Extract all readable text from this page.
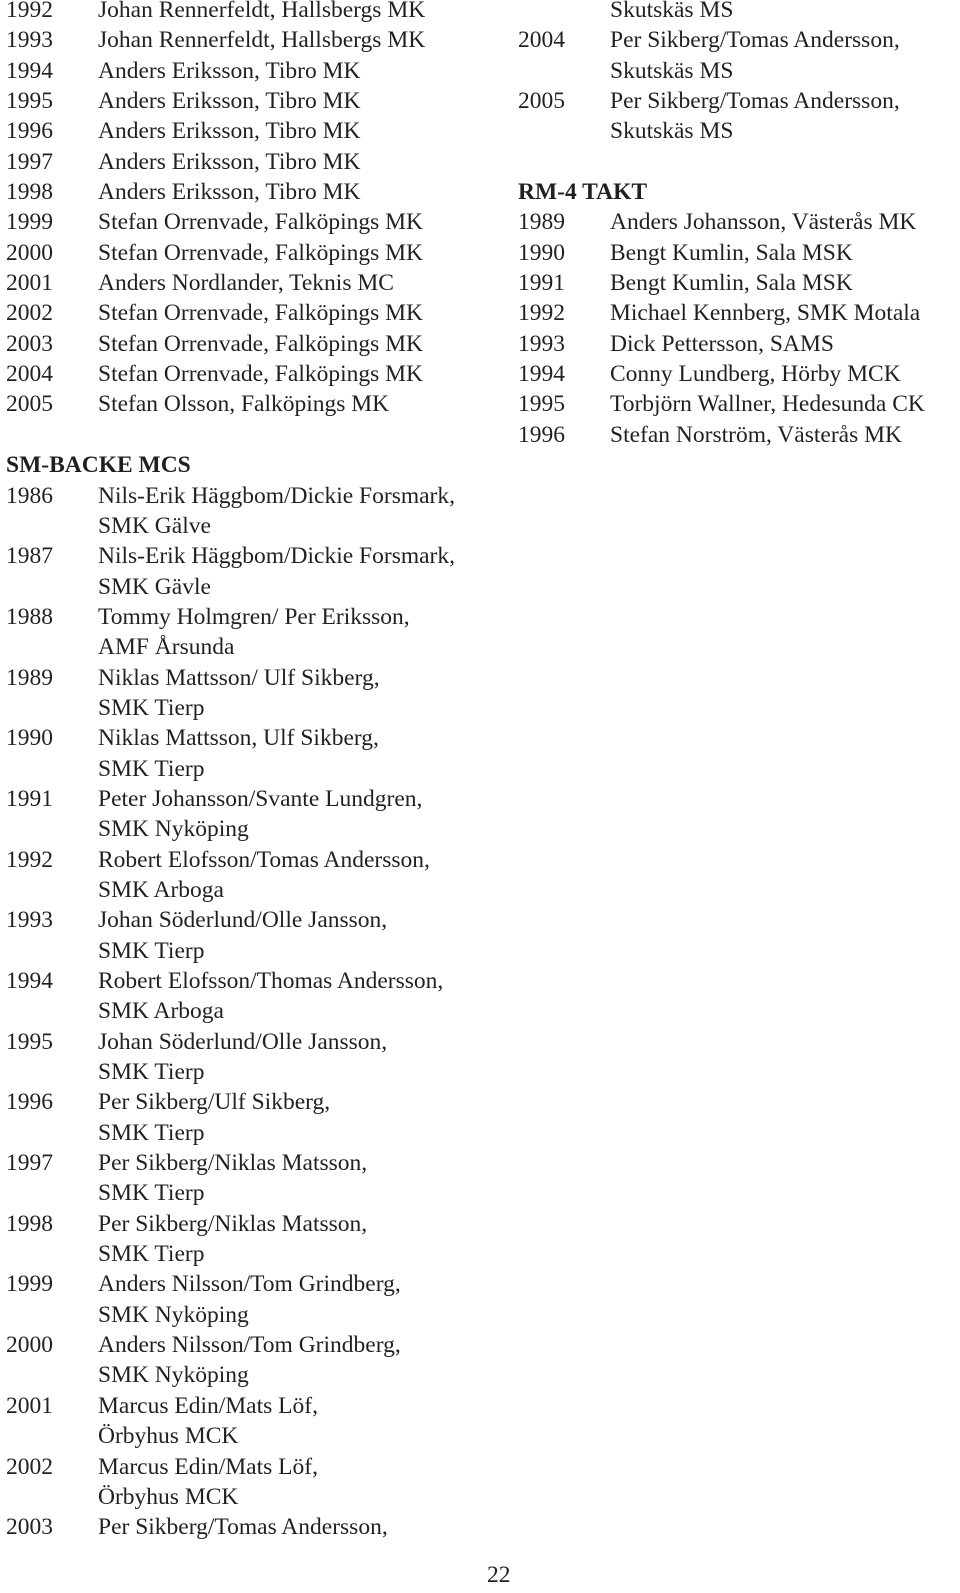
1992	Johan Rennerfeldt, Hallsbergs MK
1993	Johan Rennerfeldt, Hallsbergs MK
1994	Anders Eriksson, Tibro MK
1995	Anders Eriksson, Tibro MK
1996	Anders Eriksson, Tibro MK
1997	Anders Eriksson, Tibro MK
1998	Anders Eriksson, Tibro MK
1999	Stefan Orrenvade, Falköpings MK
2000	Stefan Orrenvade, Falköpings MK
2001	Anders Nordlander, Teknis MC
2002	Stefan Orrenvade, Falköpings MK
2003	Stefan Orrenvade, Falköpings MK
2004	Stefan Orrenvade, Falköpings MK
2005	Stefan Olsson, Falköpings MK
SM-BACKE MCS
1986	Nils-Erik Häggbom/Dickie Forsmark,
SMK Gälve
1987	Nils-Erik Häggbom/Dickie Forsmark,
SMK Gävle
1988	Tommy Holmgren/ Per Eriksson,
AMF Årsunda
1989	Niklas Mattsson/ Ulf Sikberg,
SMK Tierp
1990	Niklas Mattsson, Ulf Sikberg,
SMK Tierp
1991	Peter Johansson/Svante Lundgren,
SMK Nyköping
1992	Robert Elofsson/Tomas Andersson,
SMK Arboga
1993	Johan Söderlund/Olle Jansson,
SMK Tierp
1994	Robert Elofsson/Thomas Andersson,
SMK Arboga
1995	Johan Söderlund/Olle Jansson,
SMK Tierp
1996	Per Sikberg/Ulf Sikberg,
SMK Tierp
1997	Per Sikberg/Niklas Matsson,
SMK Tierp
1998	Per Sikberg/Niklas Matsson,
SMK Tierp
1999	Anders Nilsson/Tom Grindberg,
SMK Nyköping
2000	Anders Nilsson/Tom Grindberg,
SMK Nyköping
2001	Marcus Edin/Mats Löf,
Örbyhus MCK
2002	Marcus Edin/Mats Löf,
Örbyhus MCK
2003	Per Sikberg/Tomas Andersson,
Skutskäs MS
2004	Per Sikberg/Tomas Andersson,
Skutskäs MS
2005	Per Sikberg/Tomas Andersson,
Skutskäs MS
RM-4 TAKT
1989	Anders Johansson, Västerås MK
1990	Bengt Kumlin, Sala MSK
1991	Bengt Kumlin, Sala MSK
1992	Michael Kennberg, SMK Motala
1993	Dick Pettersson, SAMS
1994	Conny Lundberg, Hörby MCK
1995	Torbjörn Wallner, Hedesunda CK
1996	Stefan Norström, Västerås MK
22
